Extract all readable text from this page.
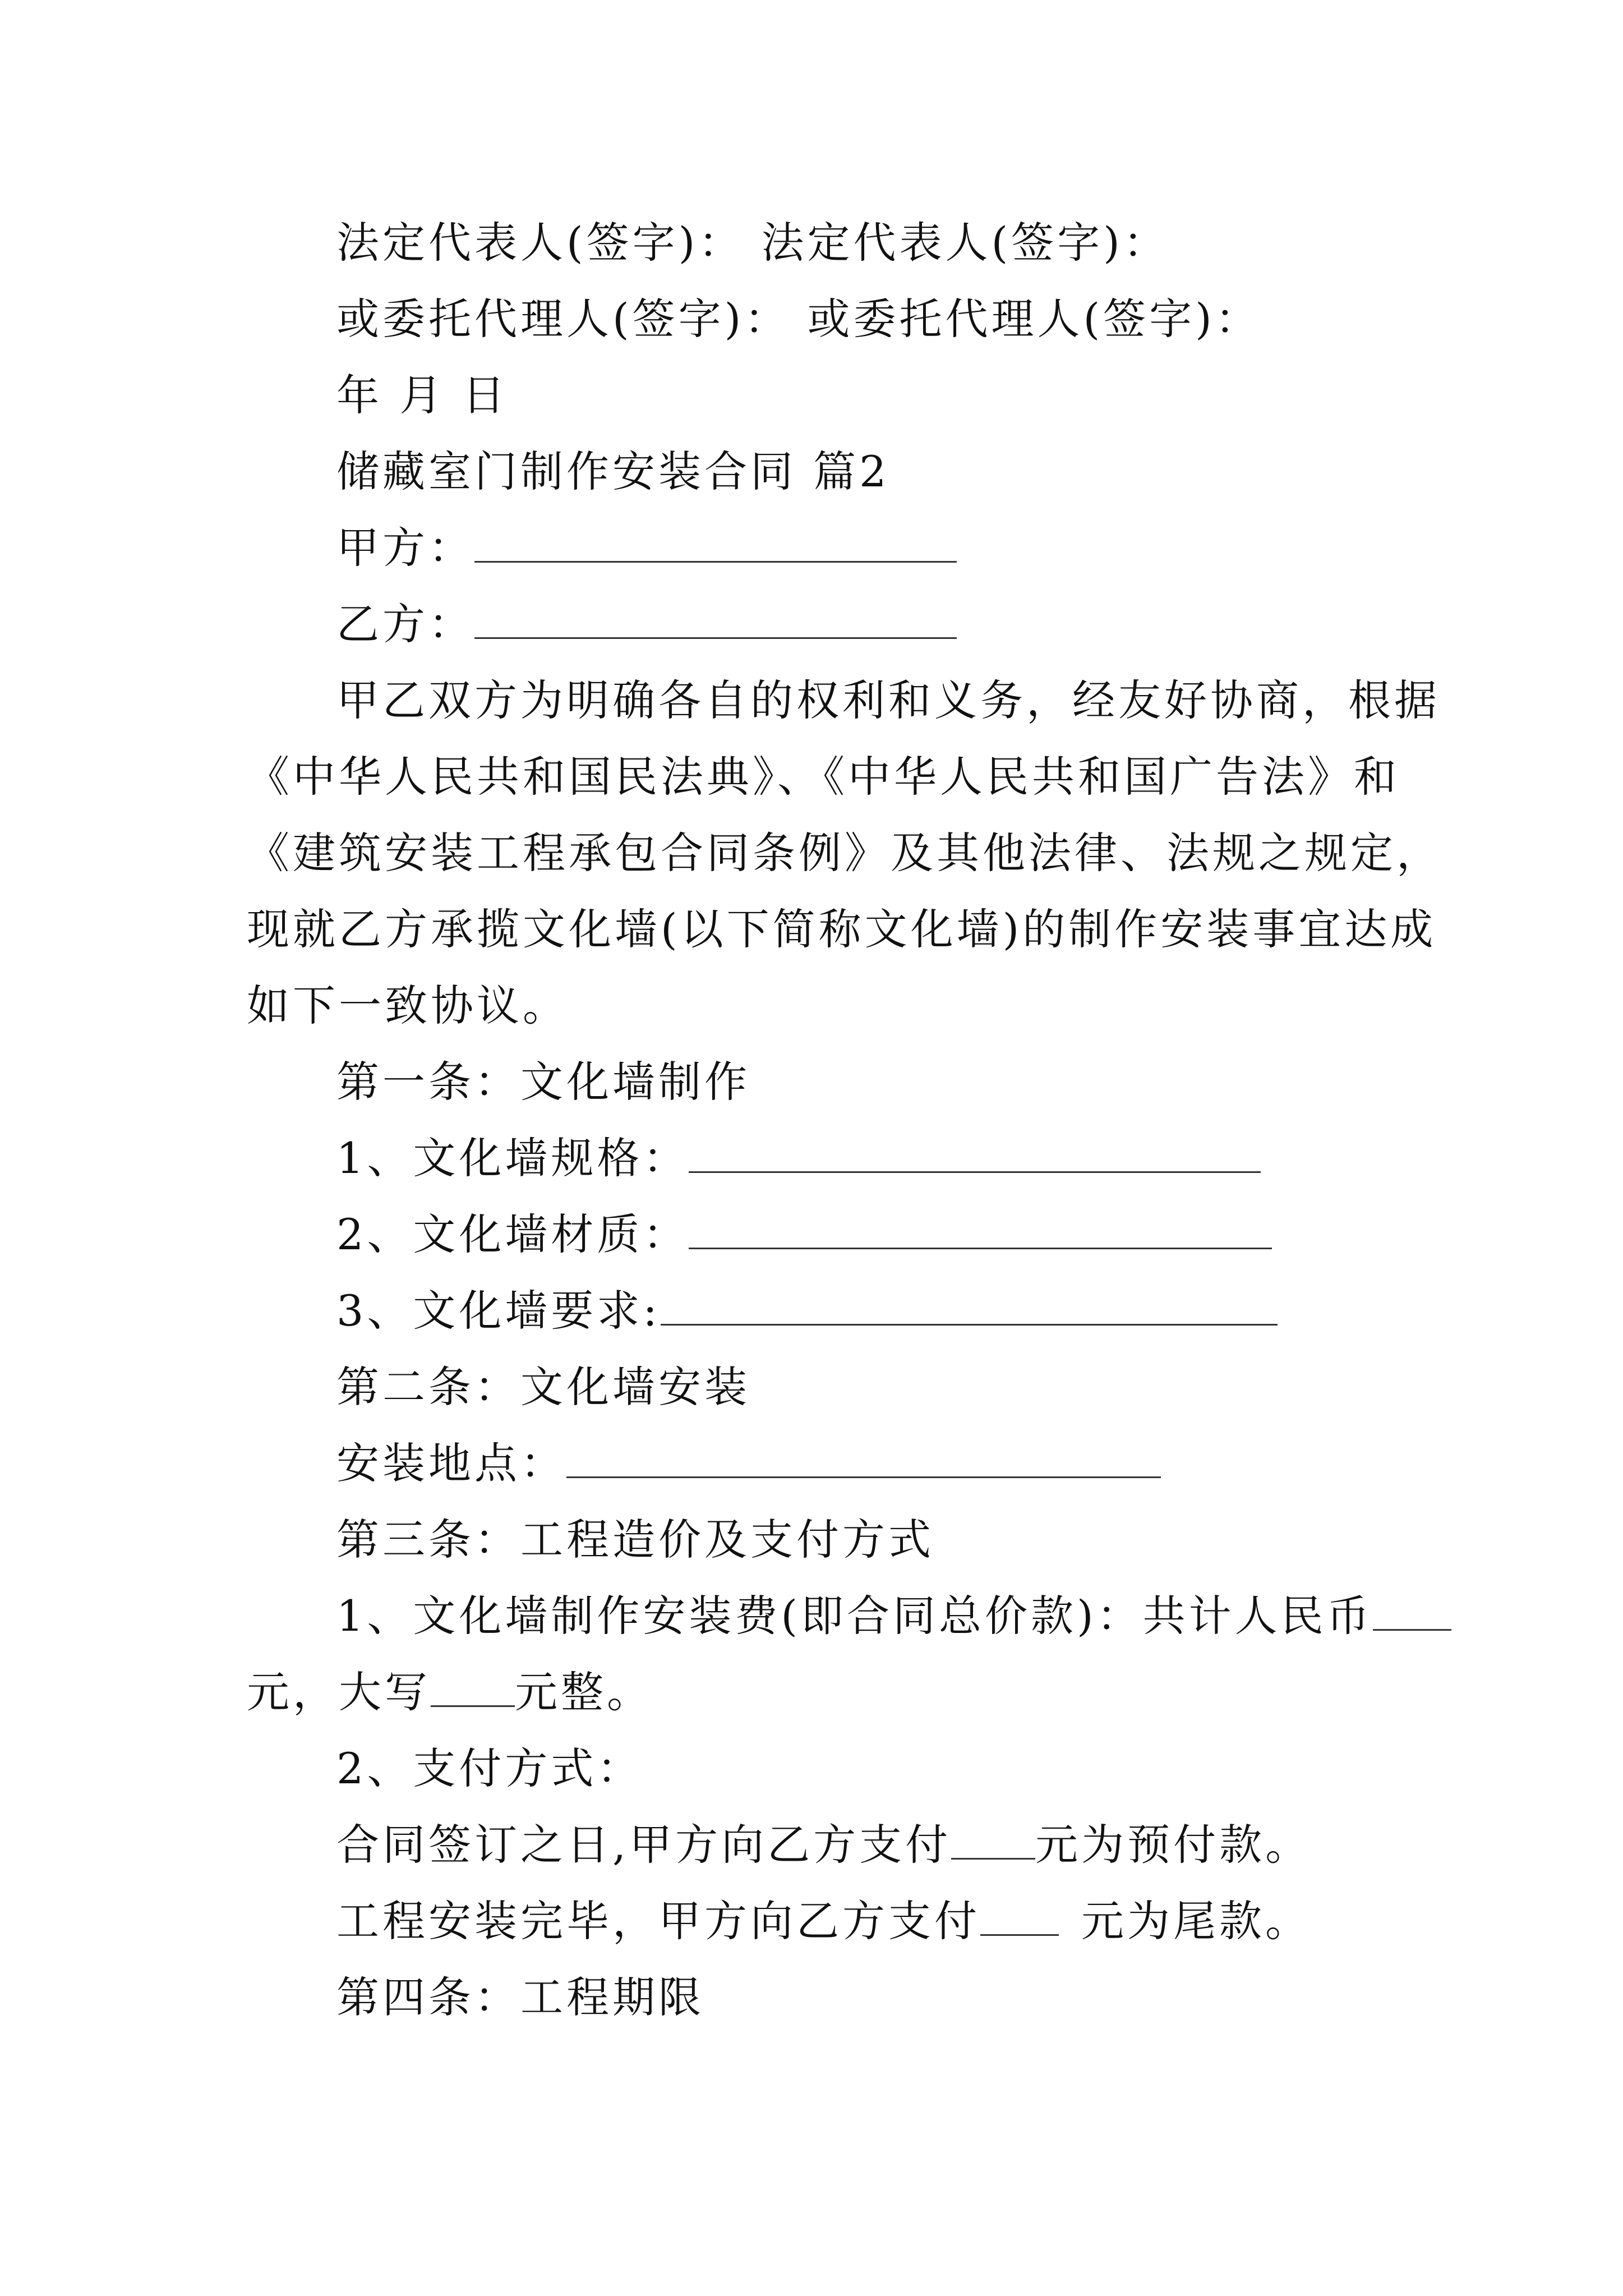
法定代表人(签字)： 法定代表人(签字)：
或委托代理人(签字)： 或委托代理人(签字)：
年 月 日
储藏室门制作安装合同 篇2
甲方：
乙方：
甲乙双方为明确各自的权利和义务，经友好协商，根据
《中华人民共和国民法典》、《中华人民共和国广告法》和
《建筑安装工程承包合同条例》及其他法律、法规之规定，
现就乙方承揽文化墙(以下简称文化墙)的制作安装事宜达成
如下一致协议。
第一条：文化墙制作
1、文化墙规格：
2、文化墙材质：
3、文化墙要求:
第二条：文化墙安装
安装地点：
第三条：工程造价及支付方式
1、文化墙制作安装费(即合同总价款)：共计人民币
元，大写 元整。
2、支付方式：
合同签订之日,甲方向乙方支付 元为预付款。
工程安装完毕，甲方向乙方支付 元为尾款。
第四条：工程期限
